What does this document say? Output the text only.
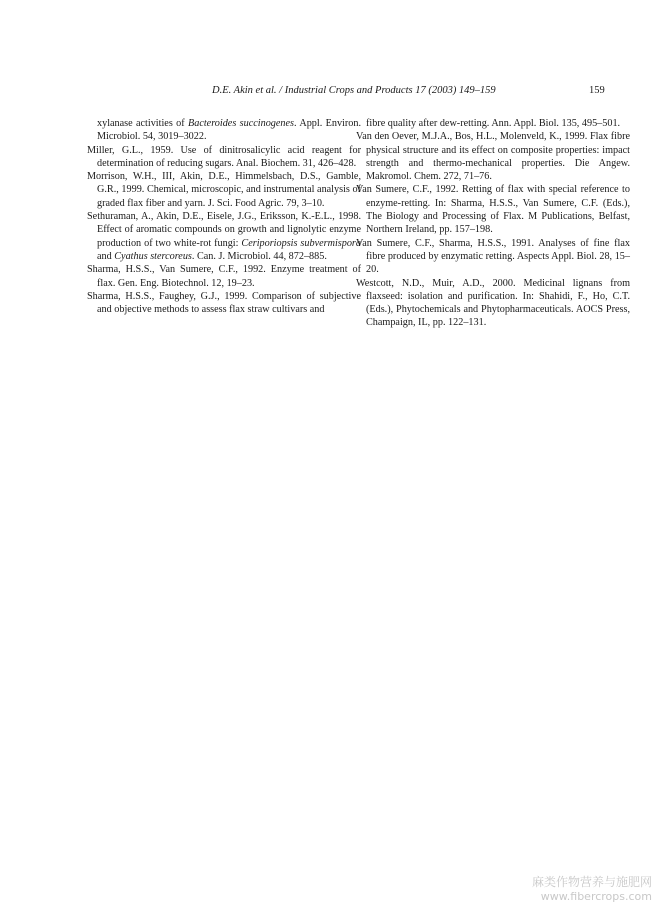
D.E. Akin et al. / Industrial Crops and Products 17 (2003) 149–159	159

xylanase activities of Bacteroides succinogenes. Appl. Environ. Microbiol. 54, 3019–3022.

Miller, G.L., 1959. Use of dinitrosalicylic acid reagent for determination of reducing sugars. Anal. Biochem. 31, 426–428.

Morrison, W.H., III, Akin, D.E., Himmelsbach, D.S., Gamble, G.R., 1999. Chemical, microscopic, and instrumental analysis of graded flax fiber and yarn. J. Sci. Food Agric. 79, 3–10.

Sethuraman, A., Akin, D.E., Eisele, J.G., Eriksson, K.-E.L., 1998. Effect of aromatic compounds on growth and lignolytic enzyme production of two white-rot fungi: Ceriporiopsis subvermispora and Cyathus stercoreus. Can. J. Microbiol. 44, 872–885.

Sharma, H.S.S., Van Sumere, C.F., 1992. Enzyme treatment of flax. Gen. Eng. Biotechnol. 12, 19–23.

Sharma, H.S.S., Faughey, G.J., 1999. Comparison of subjective and objective methods to assess flax straw cultivars and

fibre quality after dew-retting. Ann. Appl. Biol. 135, 495–501.

Van den Oever, M.J.A., Bos, H.L., Molenveld, K., 1999. Flax fibre physical structure and its effect on composite properties: impact strength and thermo-mechanical properties. Die Angew. Makromol. Chem. 272, 71–76.

Van Sumere, C.F., 1992. Retting of flax with special reference to enzyme-retting. In: Sharma, H.S.S., Van Sumere, C.F. (Eds.), The Biology and Processing of Flax. M Publications, Belfast, Northern Ireland, pp. 157–198.

Van Sumere, C.F., Sharma, H.S.S., 1991. Analyses of fine flax fibre produced by enzymatic retting. Aspects Appl. Biol. 28, 15–20.

Westcott, N.D., Muir, A.D., 2000. Medicinal lignans from flaxseed: isolation and purification. In: Shahidi, F., Ho, C.T. (Eds.), Phytochemicals and Phytopharmaceuticals. AOCS Press, Champaign, IL, pp. 122–131.

麻类作物营养与施肥网
www.fibercrops.com
